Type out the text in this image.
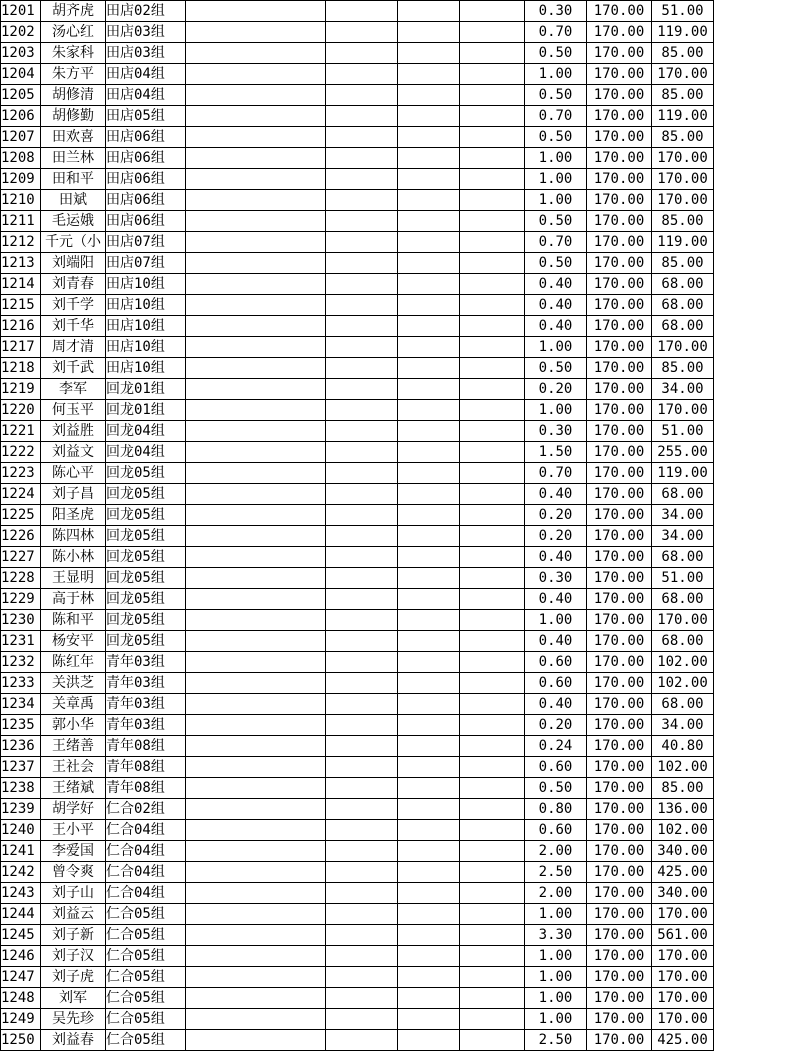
1201	胡齐虎	田店02组					0.30	170.00	51.00
1202	汤心红	田店03组					0.70	170.00	119.00
1203	朱家科	田店03组					0.50	170.00	85.00
1204	朱方平	田店04组					1.00	170.00	170.00
1205	胡修清	田店04组					0.50	170.00	85.00
1206	胡修勤	田店05组					0.70	170.00	119.00
1207	田欢喜	田店06组					0.50	170.00	85.00
1208	田兰林	田店06组					1.00	170.00	170.00
1209	田和平	田店06组					1.00	170.00	170.00
1210	田斌	田店06组					1.00	170.00	170.00
1211	毛运娥	田店06组					0.50	170.00	85.00
1212	千元（小	田店07组					0.70	170.00	119.00
1213	刘端阳	田店07组					0.50	170.00	85.00
1214	刘青春	田店10组					0.40	170.00	68.00
1215	刘千学	田店10组					0.40	170.00	68.00
1216	刘千华	田店10组					0.40	170.00	68.00
1217	周才清	田店10组					1.00	170.00	170.00
1218	刘千武	田店10组					0.50	170.00	85.00
1219	李军	回龙01组					0.20	170.00	34.00
1220	何玉平	回龙01组					1.00	170.00	170.00
1221	刘益胜	回龙04组					0.30	170.00	51.00
1222	刘益文	回龙04组					1.50	170.00	255.00
1223	陈心平	回龙05组					0.70	170.00	119.00
1224	刘子昌	回龙05组					0.40	170.00	68.00
1225	阳圣虎	回龙05组					0.20	170.00	34.00
1226	陈四林	回龙05组					0.20	170.00	34.00
1227	陈小林	回龙05组					0.40	170.00	68.00
1228	王显明	回龙05组					0.30	170.00	51.00
1229	高于林	回龙05组					0.40	170.00	68.00
1230	陈和平	回龙05组					1.00	170.00	170.00
1231	杨安平	回龙05组					0.40	170.00	68.00
1232	陈红年	青年03组					0.60	170.00	102.00
1233	关洪芝	青年03组					0.60	170.00	102.00
1234	关章禹	青年03组					0.40	170.00	68.00
1235	郭小华	青年03组					0.20	170.00	34.00
1236	王绪善	青年08组					0.24	170.00	40.80
1237	王社会	青年08组					0.60	170.00	102.00
1238	王绪斌	青年08组					0.50	170.00	85.00
1239	胡学好	仁合02组					0.80	170.00	136.00
1240	王小平	仁合04组					0.60	170.00	102.00
1241	李爱国	仁合04组					2.00	170.00	340.00
1242	曾令爽	仁合04组					2.50	170.00	425.00
1243	刘子山	仁合04组					2.00	170.00	340.00
1244	刘益云	仁合05组					1.00	170.00	170.00
1245	刘子新	仁合05组					3.30	170.00	561.00
1246	刘子汉	仁合05组					1.00	170.00	170.00
1247	刘子虎	仁合05组					1.00	170.00	170.00
1248	刘军	仁合05组					1.00	170.00	170.00
1249	吴先珍	仁合05组					1.00	170.00	170.00
1250	刘益春	仁合05组					2.50	170.00	425.00
